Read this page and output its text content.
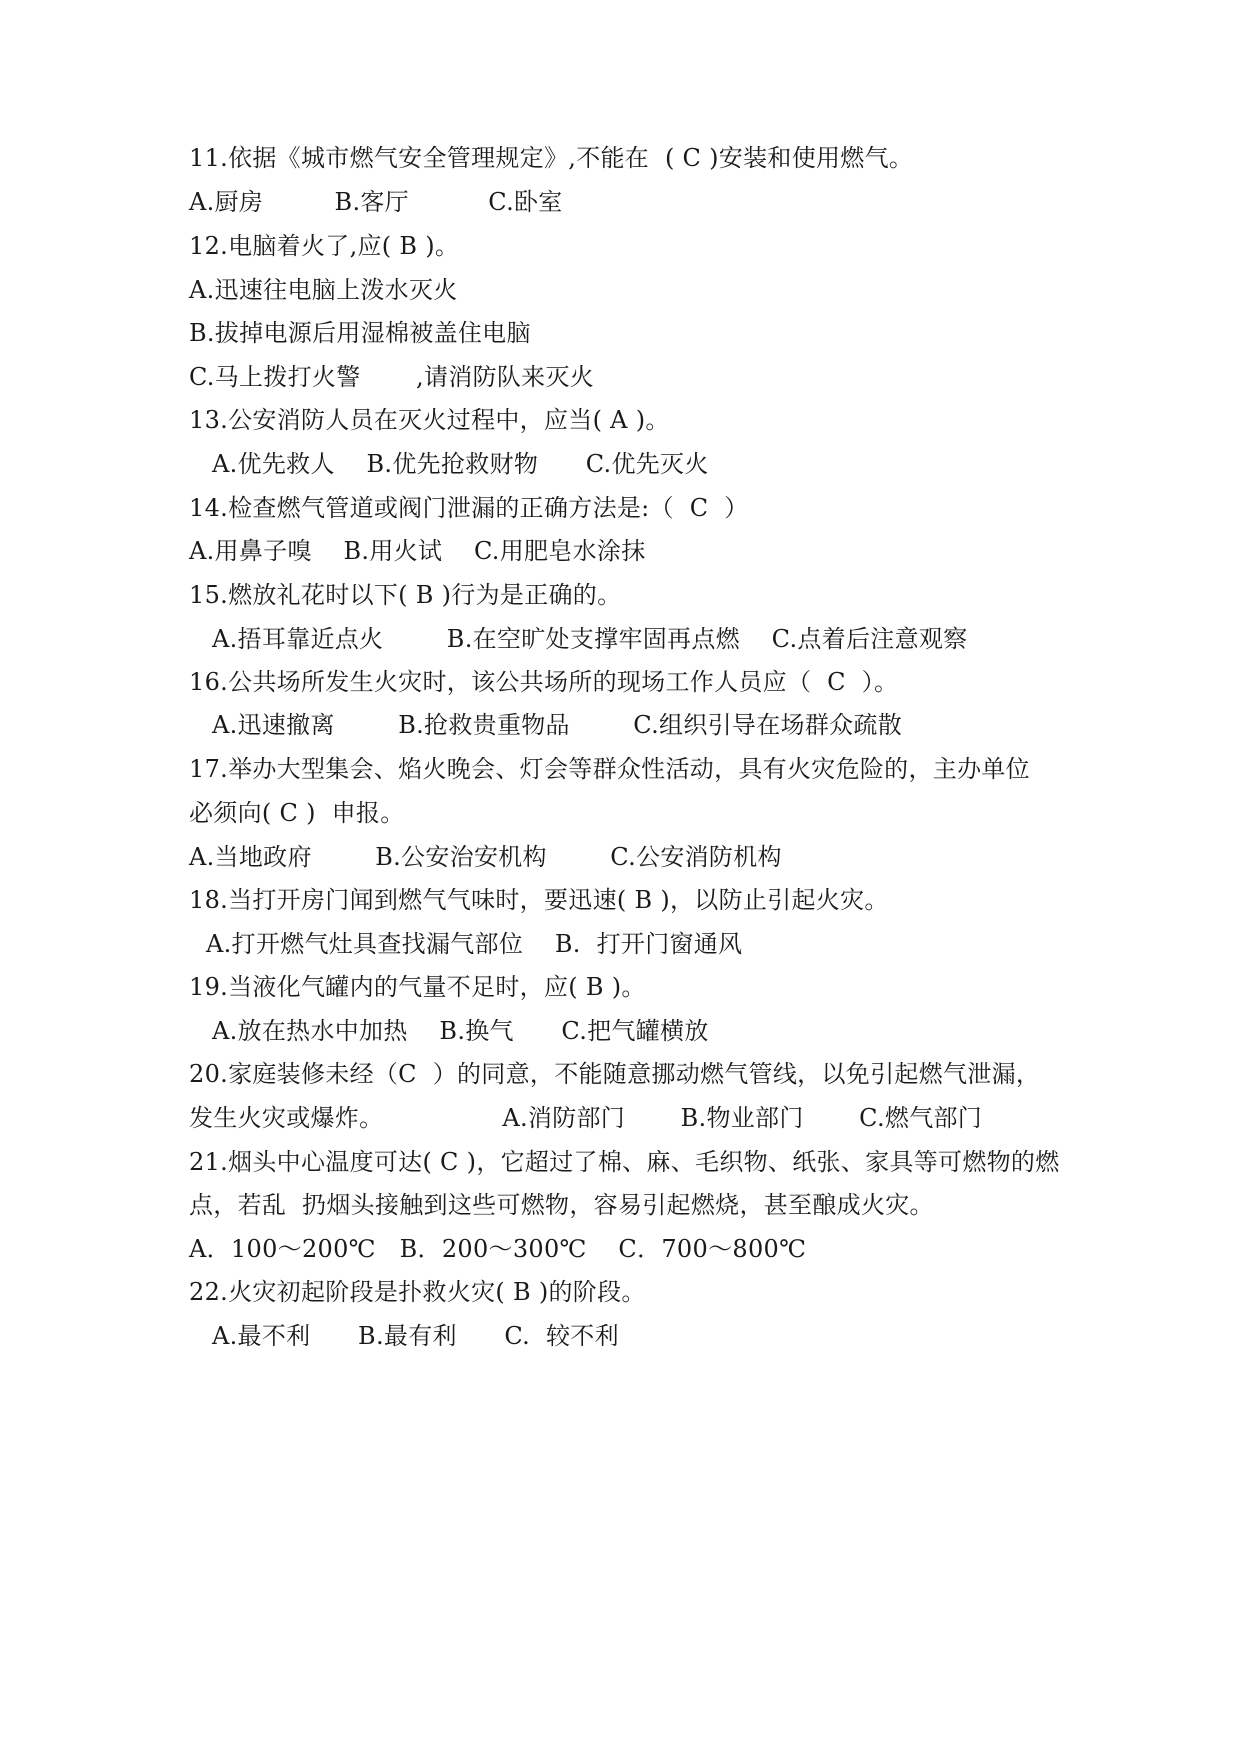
11.依据《城市燃气安全管理规定》,不能在  ( C )安装和使用燃气。
A.厨房         B.客厅          C.卧室
12.电脑着火了,应( B )。
A.迅速往电脑上泼水灭火
B.拔掉电源后用湿棉被盖住电脑
C.马上拨打火警       ,请消防队来灭火
13.公安消防人员在灭火过程中，应当( A )。
A.优先救人    B.优先抢救财物      C.优先灭火
14.检查燃气管道或阀门泄漏的正确方法是:（  C  ）
A.用鼻子嗅    B.用火试    C.用肥皂水涂抹
15.燃放礼花时以下( B )行为是正确的。
A.捂耳靠近点火        B.在空旷处支撑牢固再点燃    C.点着后注意观察
16.公共场所发生火灾时，该公共场所的现场工作人员应（  C  ）。
A.迅速撤离        B.抢救贵重物品        C.组织引导在场群众疏散
17.举办大型集会、焰火晚会、灯会等群众性活动，具有火灾危险的，主办单位
必须向( C )  申报。
A.当地政府        B.公安治安机构        C.公安消防机构
18.当打开房门闻到燃气气味时，要迅速( B )，以防止引起火灾。
A.打开燃气灶具查找漏气部位    B.  打开门窗通风
19.当液化气罐内的气量不足时，应( B )。
A.放在热水中加热    B.换气      C.把气罐横放
20.家庭装修未经（C  ）的同意，不能随意挪动燃气管线，以免引起燃气泄漏，
发生火灾或爆炸。               A.消防部门       B.物业部门       C.燃气部门
21.烟头中心温度可达( C )，它超过了棉、麻、毛织物、纸张、家具等可燃物的燃
点，若乱  扔烟头接触到这些可燃物，容易引起燃烧，甚至酿成火灾。
A．100～200℃   B．200～300℃    C．700～800℃
22.火灾初起阶段是扑救火灾( B )的阶段。
A.最不利      B.最有利      C.  较不利
